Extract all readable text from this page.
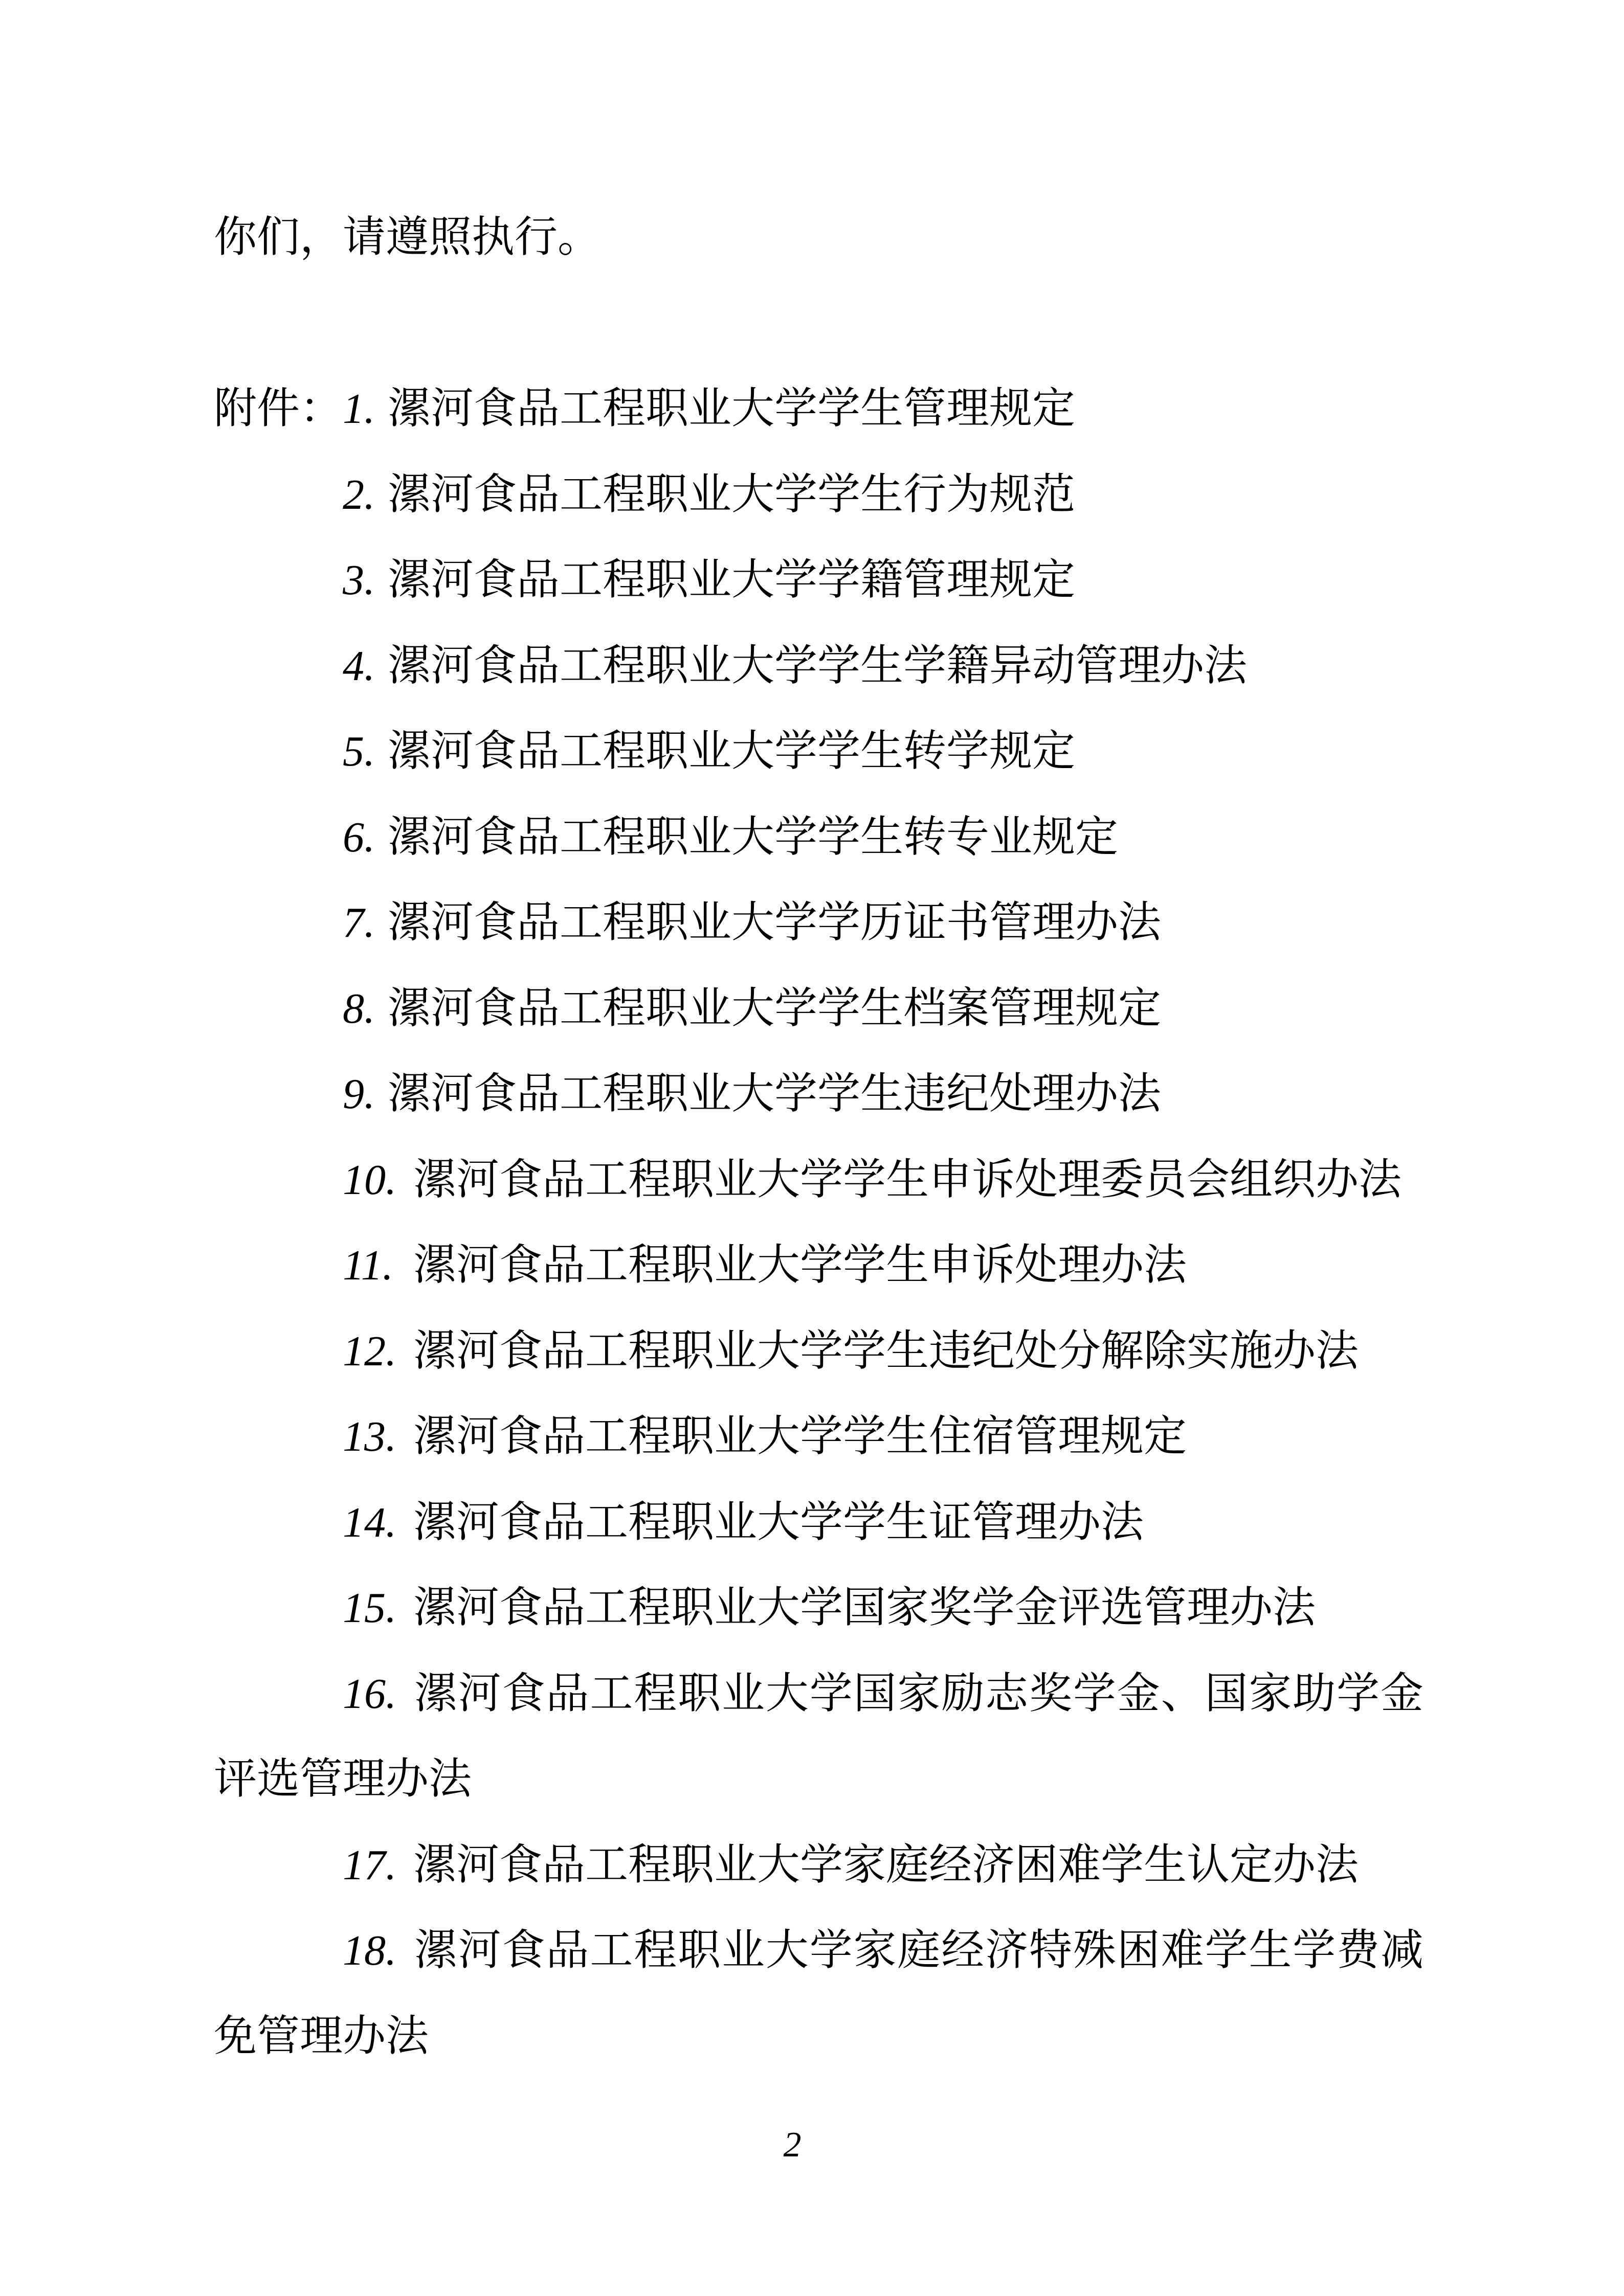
你们，请遵照执行。
附件：1. 漯河食品工程职业大学学生管理规定
2. 漯河食品工程职业大学学生行为规范
3. 漯河食品工程职业大学学籍管理规定
4. 漯河食品工程职业大学学生学籍异动管理办法
5. 漯河食品工程职业大学学生转学规定
6. 漯河食品工程职业大学学生转专业规定
7. 漯河食品工程职业大学学历证书管理办法
8. 漯河食品工程职业大学学生档案管理规定
9. 漯河食品工程职业大学学生违纪处理办法
10. 漯河食品工程职业大学学生申诉处理委员会组织办法
11. 漯河食品工程职业大学学生申诉处理办法
12. 漯河食品工程职业大学学生违纪处分解除实施办法
13. 漯河食品工程职业大学学生住宿管理规定
14. 漯河食品工程职业大学学生证管理办法
15. 漯河食品工程职业大学国家奖学金评选管理办法
16. 漯河食品工程职业大学国家励志奖学金、国家助学金
评选管理办法
17. 漯河食品工程职业大学家庭经济困难学生认定办法
18. 漯河食品工程职业大学家庭经济特殊困难学生学费减
免管理办法
2
